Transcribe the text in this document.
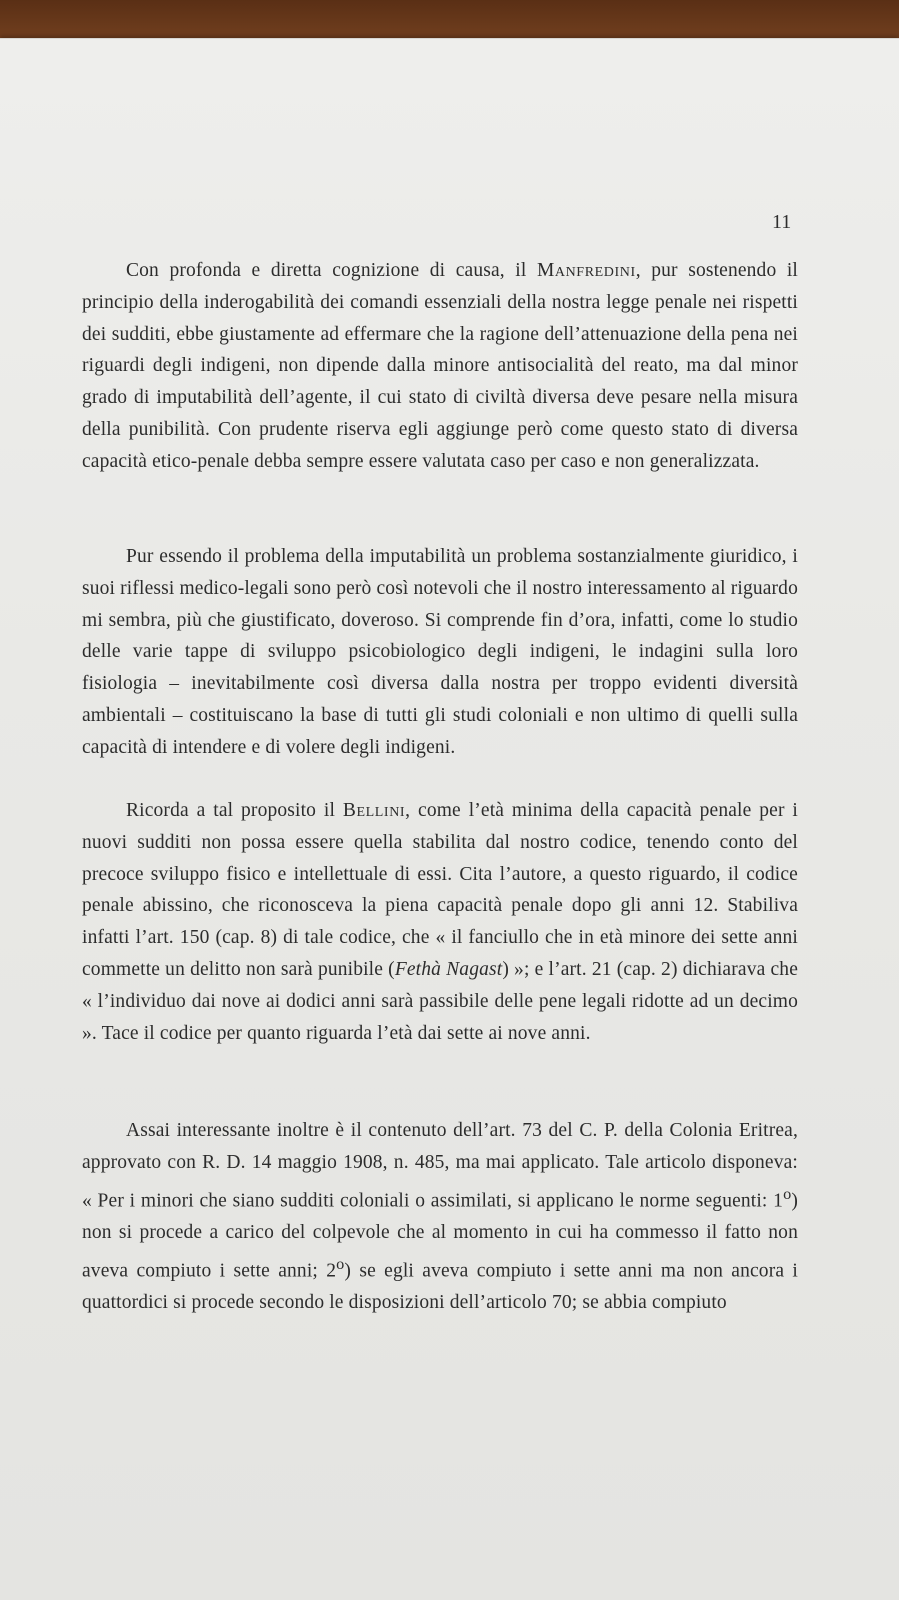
11

Con profonda e diretta cognizione di causa, il Manfredini, pur sostenendo il principio della inderogabilità dei comandi essenziali della nostra legge penale nei rispetti dei sudditi, ebbe giustamente ad effermare che la ragione dell’attenuazione della pena nei riguardi degli indigeni, non dipende dalla minore antisocialità del reato, ma dal minor grado di imputabilità dell’agente, il cui stato di civiltà diversa deve pesare nella misura della punibilità. Con prudente riserva egli aggiunge però come questo stato di diversa capacità etico-penale debba sempre essere valutata caso per caso e non generalizzata.

Pur essendo il problema della imputabilità un problema sostanzialmente giuridico, i suoi riflessi medico-legali sono però così notevoli che il nostro interessamento al riguardo mi sembra, più che giustificato, doveroso. Si comprende fin d’ora, infatti, come lo studio delle varie tappe di sviluppo psicobiologico degli indigeni, le indagini sulla loro fisiologia – inevitabilmente così diversa dalla nostra per troppo evidenti diversità ambientali – costituiscano la base di tutti gli studi coloniali e non ultimo di quelli sulla capacità di intendere e di volere degli indigeni.

Ricorda a tal proposito il Bellini, come l’età minima della capacità penale per i nuovi sudditi non possa essere quella stabilita dal nostro codice, tenendo conto del precoce sviluppo fisico e intellettuale di essi. Cita l’autore, a questo riguardo, il codice penale abissino, che riconosceva la piena capacità penale dopo gli anni 12. Stabiliva infatti l’art. 150 (cap. 8) di tale codice, che « il fanciullo che in età minore dei sette anni commette un delitto non sarà punibile (Fethà Nagast) »; e l’art. 21 (cap. 2) dichiarava che « l’individuo dai nove ai dodici anni sarà passibile delle pene legali ridotte ad un decimo ». Tace il codice per quanto riguarda l’età dai sette ai nove anni.

Assai interessante inoltre è il contenuto dell’art. 73 del C. P. della Colonia Eritrea, approvato con R. D. 14 maggio 1908, n. 485, ma mai applicato. Tale articolo disponeva: « Per i minori che siano sudditi coloniali o assimilati, si applicano le norme seguenti: 1$^o$) non si procede a carico del colpevole che al momento in cui ha commesso il fatto non aveva compiuto i sette anni; 2$^o$) se egli aveva compiuto i sette anni ma non ancora i quattordici si procede secondo le disposizioni dell’articolo 70; se abbia compiuto
